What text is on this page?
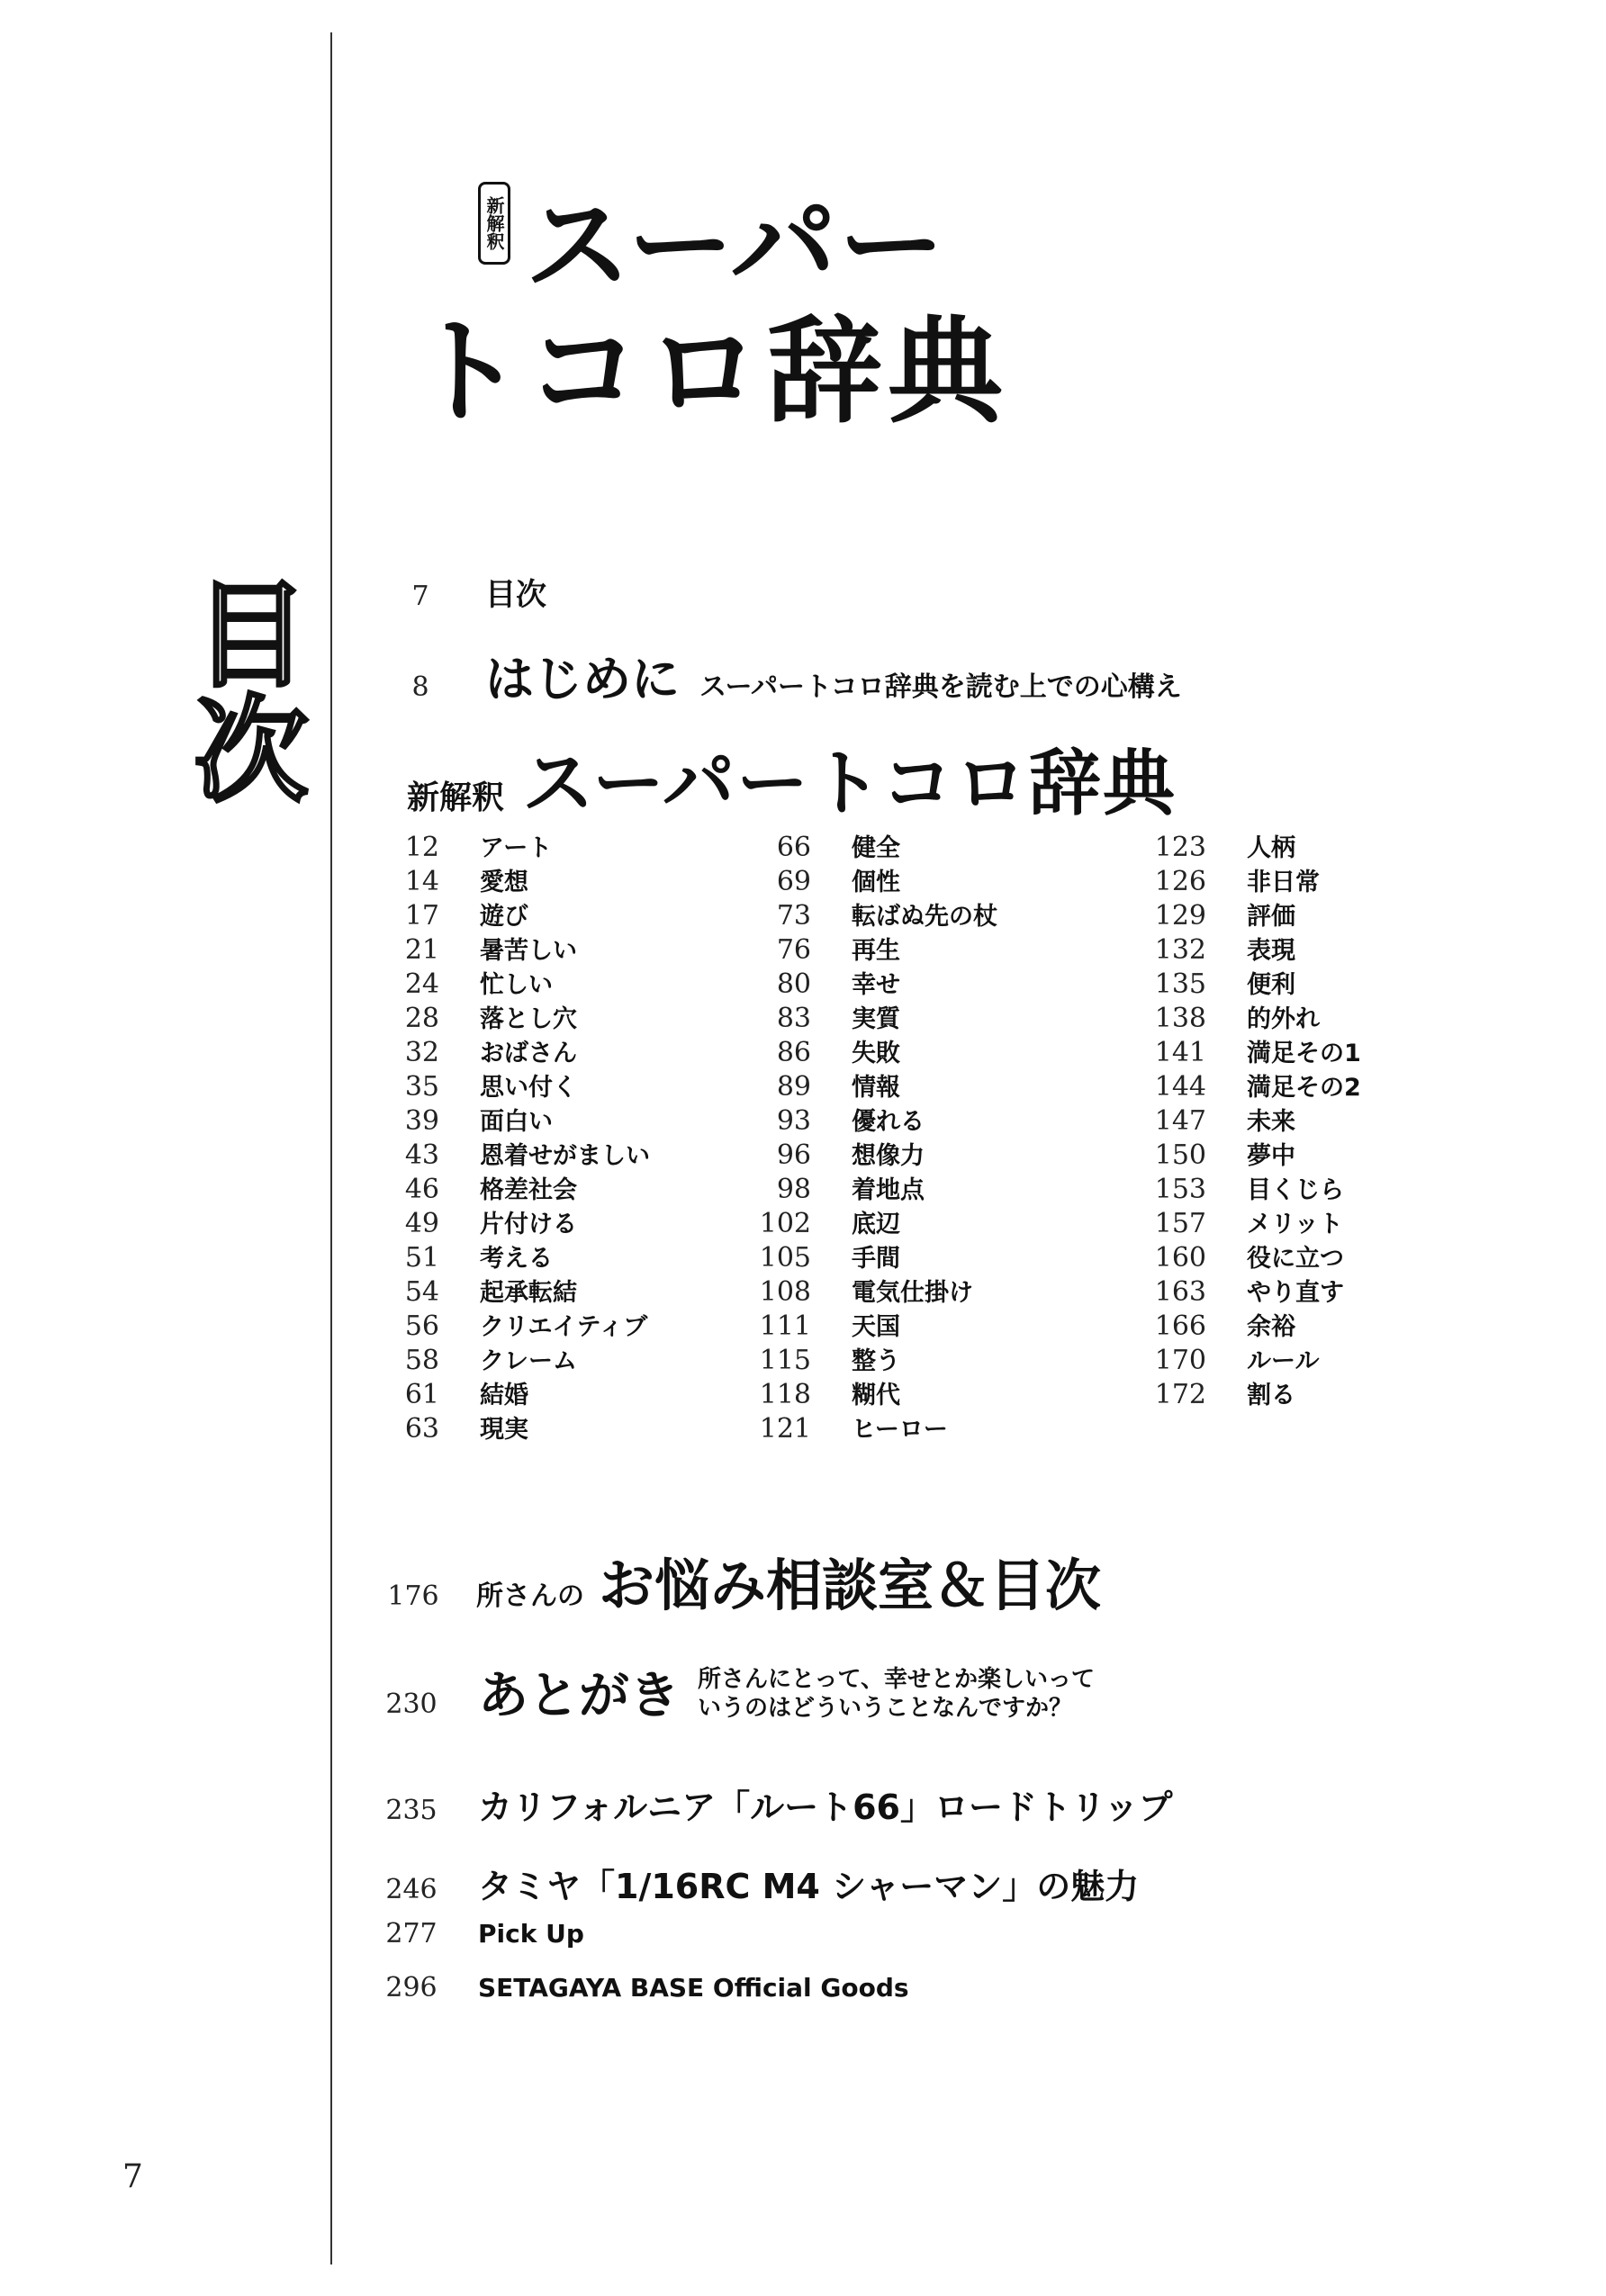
新解釈 スーパー
トコロ辞典
目次	7	目次
8	はじめに スーパートコロ辞典を読む上での心構え
新解釈 スーパートコロ辞典
12 アート
14 愛想
17 遊び
21 暑苦しい
24 忙しい
28 落とし穴
32 おばさん
35 思い付く
39 面白い
43 恩着せがましい
46 格差社会
49 片付ける
51 考える
54 起承転結
56 クリエイティブ
58 クレーム
61 結婚
63 現実
66 健全
69 個性
73 転ばぬ先の杖
76 再生
80 幸せ
83 実質
86 失敗
89 情報
93 優れる
96 想像力
98 着地点
102 底辺
105 手間
108 電気仕掛け
111 天国
115 整う
118 糊代
121 ヒーロー
123 人柄
126 非日常
129 評価
132 表現
135 便利
138 的外れ
141 満足その1
144 満足その2
147 未来
150 夢中
153 目くじら
157 メリット
160 役に立つ
163 やり直す
166 余裕
170 ルール
172 割る
176 所さんの お悩み相談室＆目次
230 あとがき 所さんにとって、幸せとか楽しいって
いうのはどういうことなんですか？
235 カリフォルニア「ルート66」ロードトリップ
246 タミヤ「1/16RC M4 シャーマン」の魅力
277 Pick Up
296 SETAGAYA BASE Official Goods
7
